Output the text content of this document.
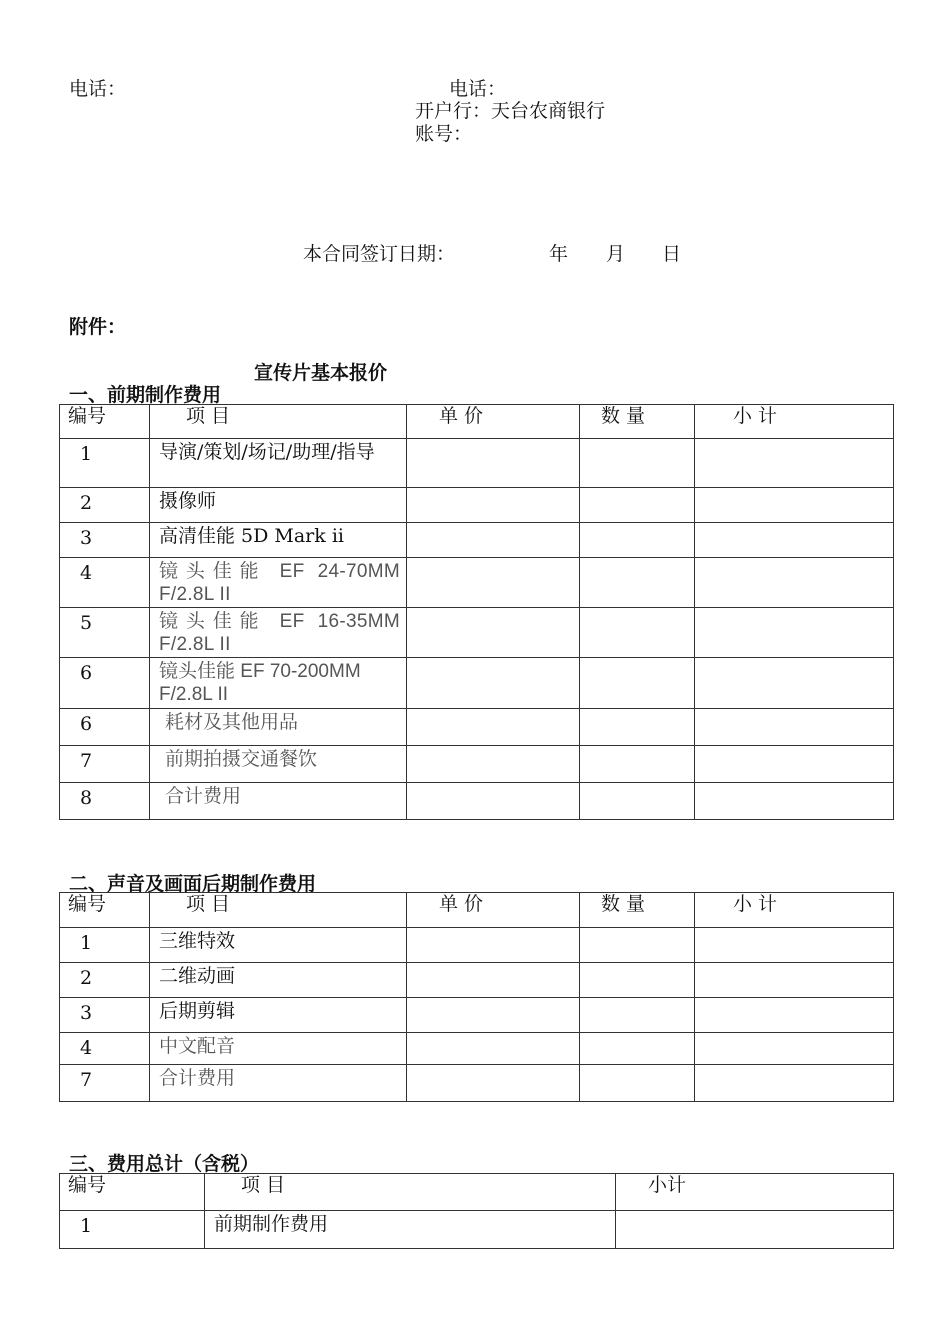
电话：	电话：
开户行：天台农商银行
账号：
本合同签订日期：	年 月 日
附件：
宣传片基本报价
一、前期制作费用
编号	项 目	单 价	数 量	小 计
1	导演/策划/场记/助理/指导			
2	摄像师			
3	高清佳能 5D Mark ii			
4	镜头佳能 EF 24-70MM F/2.8L II			
5	镜头佳能 EF 16-35MM F/2.8L II			
6	镜头佳能 EF 70-200MM F/2.8L II			
6	耗材及其他用品			
7	前期拍摄交通餐饮			
8	合计费用			
二、声音及画面后期制作费用
编号	项 目	单 价	数 量	小 计
1	三维特效			
2	二维动画			
3	后期剪辑			
4	中文配音			
7	合计费用			
三、费用总计（含税）
编号	项 目	小计
1	前期制作费用	
